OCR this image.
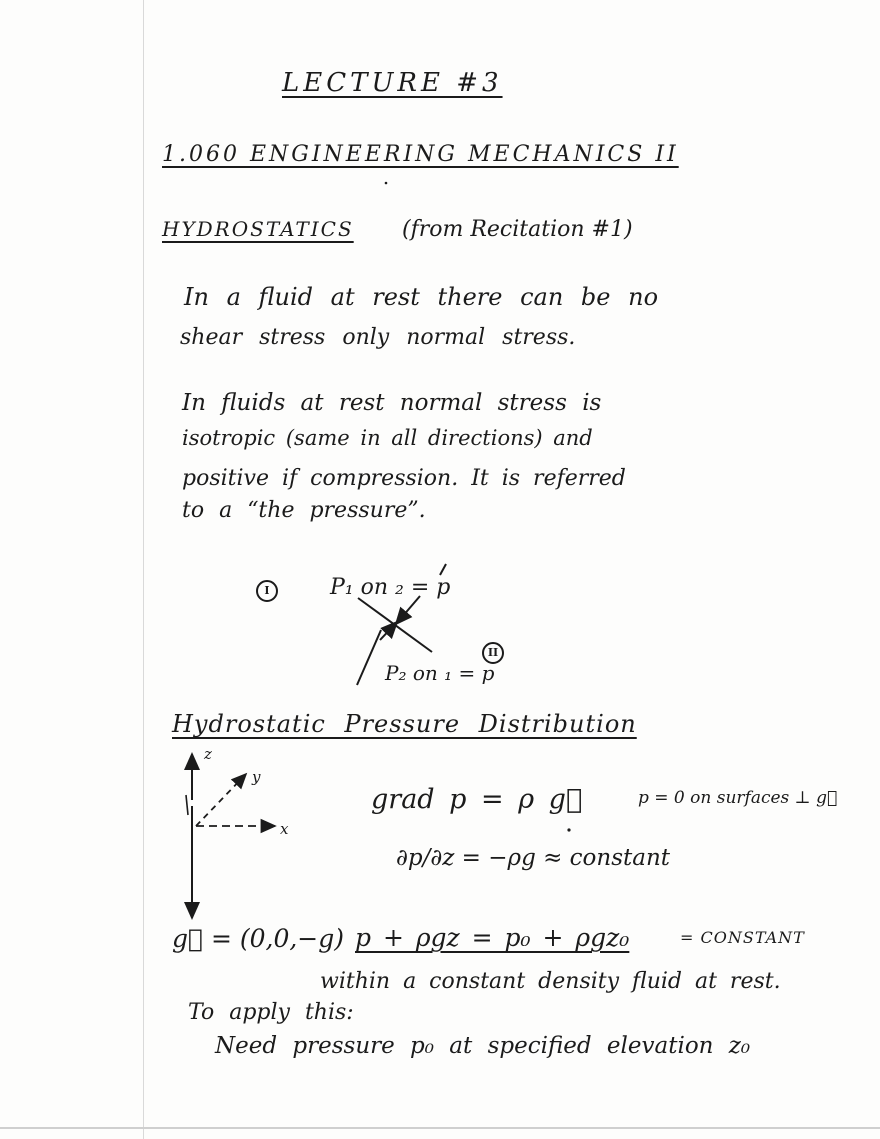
LECTURE #3
1.060 ENGINEERING MECHANICS II
HYDROSTATICS (from Recitation #1)
In a fluid at rest there can be no
shear stress only normal stress.
In fluids at rest normal stress is
isotropic (same in all directions) and
positive if compression. It is referred
to a “the pressure”.
I
II
P₁ on ₂ = p
P₂ on ₁ = p
Hydrostatic Pressure Distribution
z
y
x
grad p = ρ g⃗	p = 0 on surfaces ⊥ g⃗
∂p/∂z = −ρg ≈ constant
g⃗ = (0,0,−g) p + ρgz = p₀ + ρgz₀	= CONSTANT
within a constant density fluid at rest.
To apply this:
Need pressure p₀ at specified elevation z₀
